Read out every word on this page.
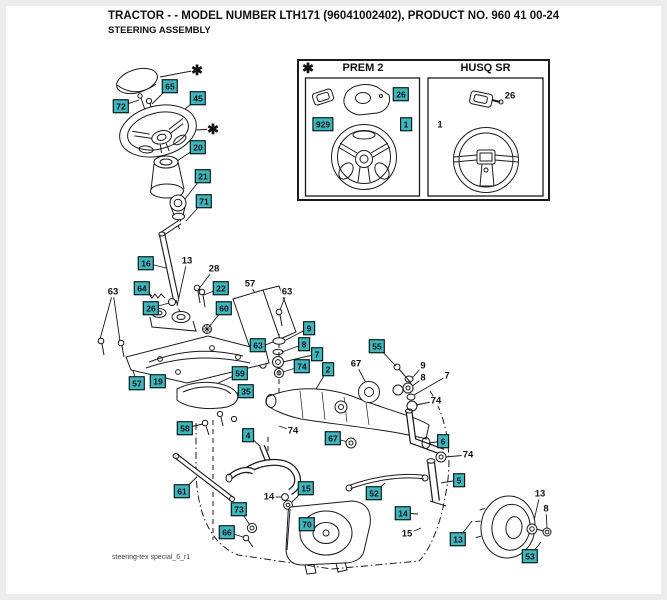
TRACTOR - - MODEL NUMBER LTH171 (96041002402), PRODUCT NO. 960 41 00-24
STEERING ASSEMBLY
PREM 2	HUSQ SR
✱
72
65
45
✱
20
21
71
16	13
28
64	22
26	60
63
57
63
57	19
59
35
63
9
8
7
74	2
55
67	9
8 7
74
6
74
5
52
14
15	13
13
8
53
58
4	74
67
61
14
15
73
66
70
✱
929
26
1
26
1
steering-tex special_6_r1
